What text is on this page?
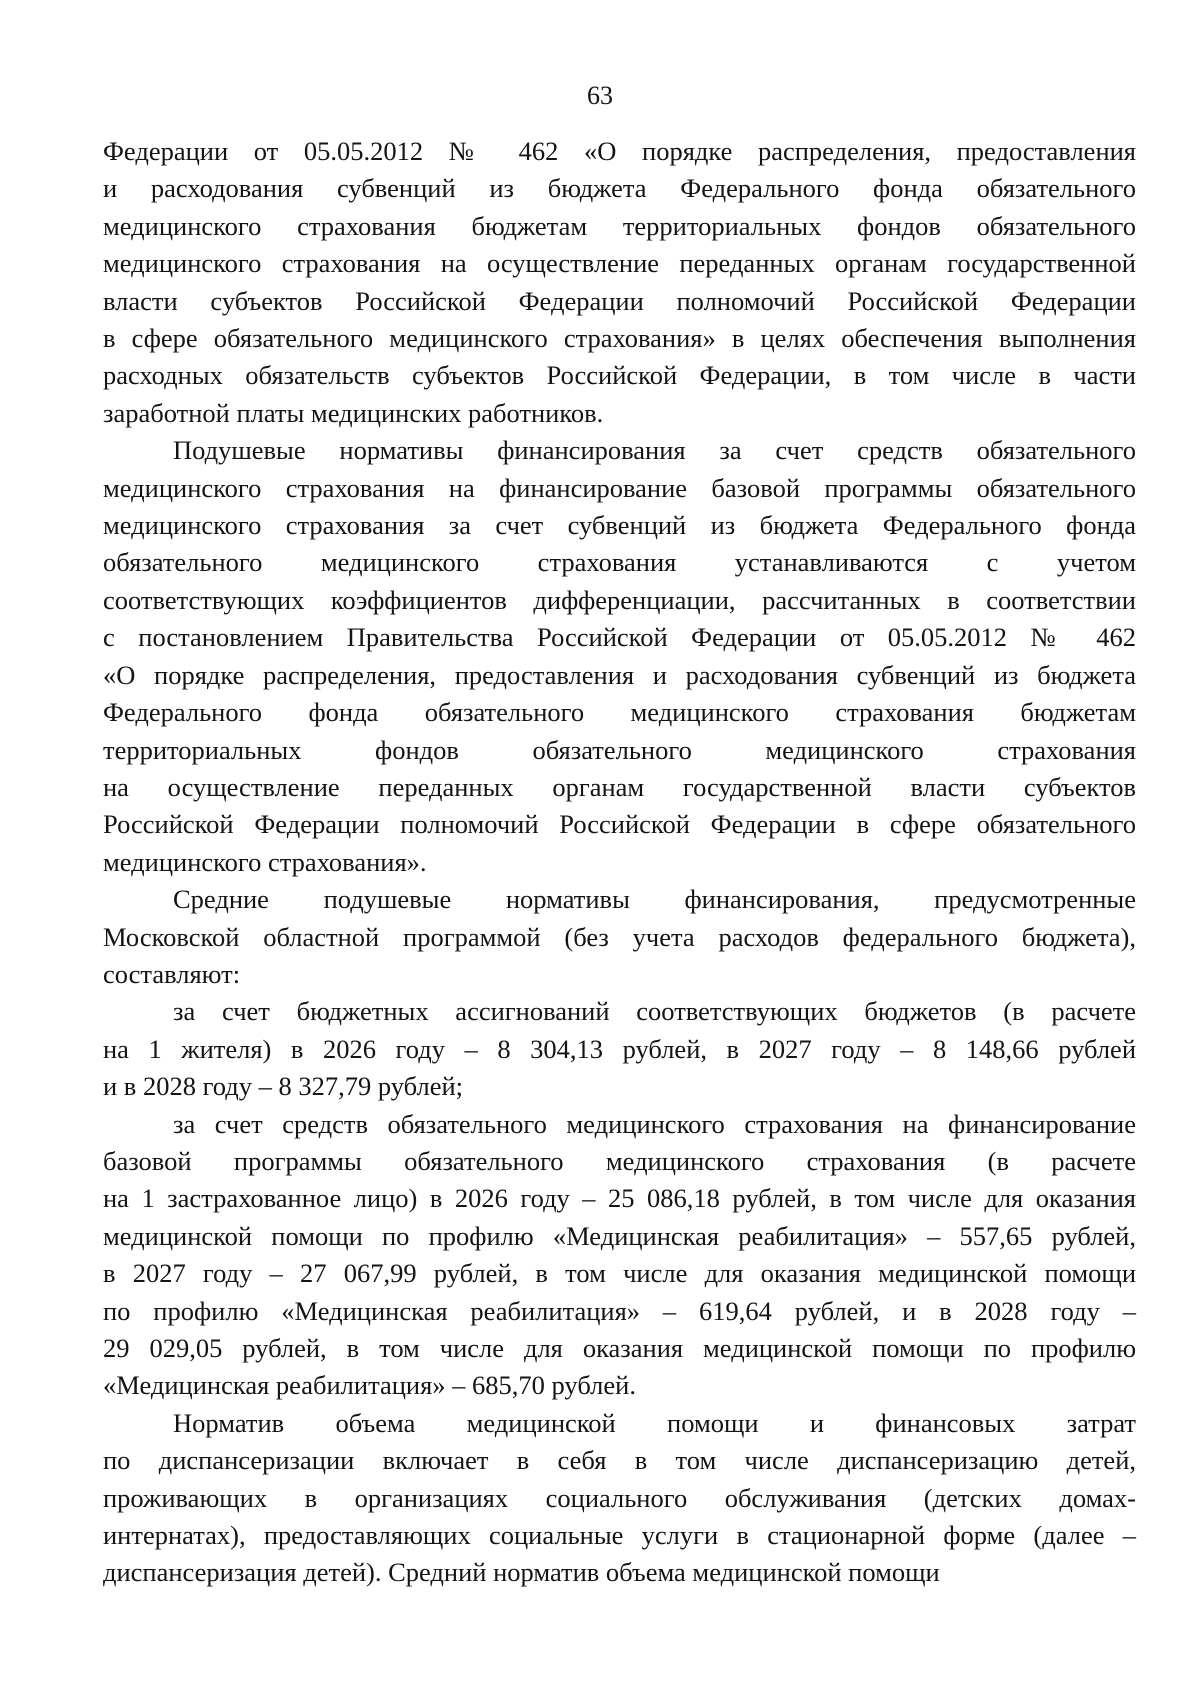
63
Федерации от 05.05.2012 № 462 «О порядке распределения, предоставления
и расходования субвенций из бюджета Федерального фонда обязательного
медицинского страхования бюджетам территориальных фондов обязательного
медицинского страхования на осуществление переданных органам государственной
власти субъектов Российской Федерации полномочий Российской Федерации
в сфере обязательного медицинского страхования» в целях обеспечения выполнения
расходных обязательств субъектов Российской Федерации, в том числе в части
заработной платы медицинских работников.
Подушевые нормативы финансирования за счет средств обязательного
медицинского страхования на финансирование базовой программы обязательного
медицинского страхования за счет субвенций из бюджета Федерального фонда
обязательного медицинского страхования устанавливаются с учетом
соответствующих коэффициентов дифференциации, рассчитанных в соответствии
с постановлением Правительства Российской Федерации от 05.05.2012 № 462
«О порядке распределения, предоставления и расходования субвенций из бюджета
Федерального фонда обязательного медицинского страхования бюджетам
территориальных фондов обязательного медицинского страхования
на осуществление переданных органам государственной власти субъектов
Российской Федерации полномочий Российской Федерации в сфере обязательного
медицинского страхования».
Средние подушевые нормативы финансирования, предусмотренные
Московской областной программой (без учета расходов федерального бюджета),
составляют:
за счет бюджетных ассигнований соответствующих бюджетов (в расчете
на 1 жителя) в 2026 году – 8 304,13 рублей, в 2027 году – 8 148,66 рублей
и в 2028 году – 8 327,79 рублей;
за счет средств обязательного медицинского страхования на финансирование
базовой программы обязательного медицинского страхования (в расчете
на 1 застрахованное лицо) в 2026 году – 25 086,18 рублей, в том числе для оказания
медицинской помощи по профилю «Медицинская реабилитация» – 557,65 рублей,
в 2027 году – 27 067,99 рублей, в том числе для оказания медицинской помощи
по профилю «Медицинская реабилитация» – 619,64 рублей, и в 2028 году –
29 029,05 рублей, в том числе для оказания медицинской помощи по профилю
«Медицинская реабилитация» – 685,70 рублей.
Норматив объема медицинской помощи и финансовых затрат
по диспансеризации включает в себя в том числе диспансеризацию детей,
проживающих в организациях социального обслуживания (детских домах-
интернатах), предоставляющих социальные услуги в стационарной форме (далее –
диспансеризация детей). Средний норматив объема медицинской помощи
